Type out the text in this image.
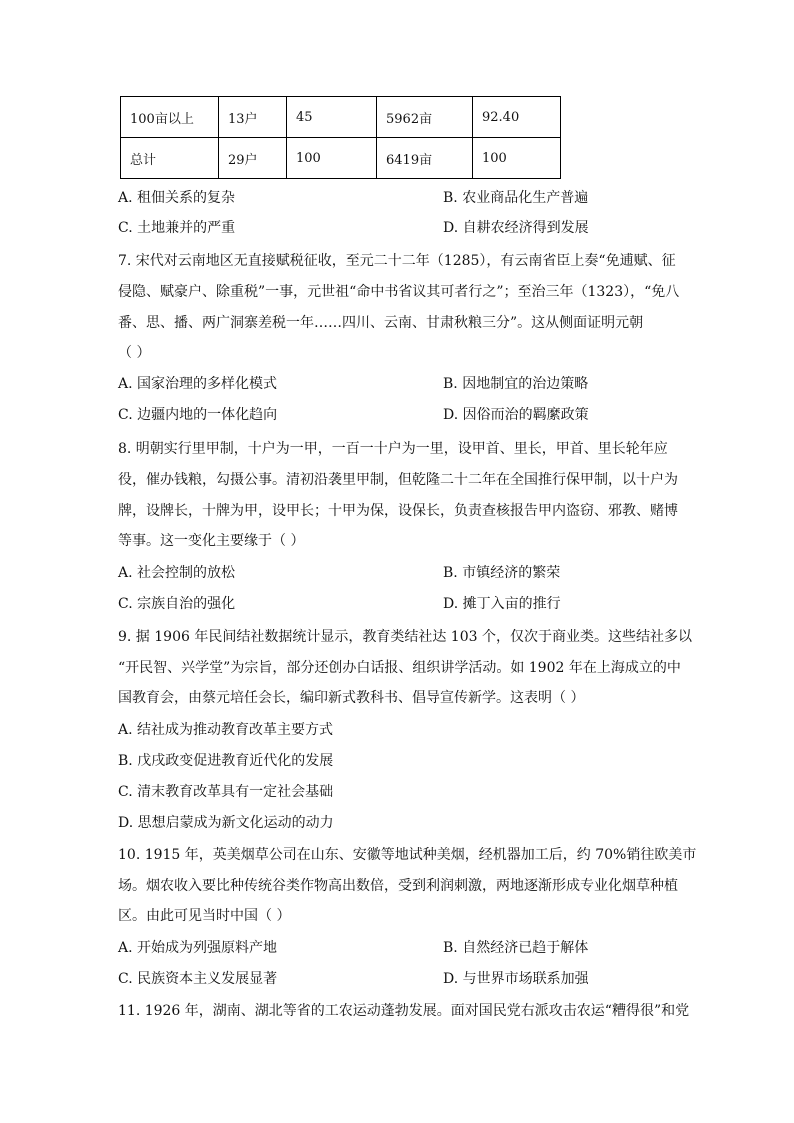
100亩以上	13户	45	5962亩	92.40
总计	29户	100	6419亩	100
A. 租佃关系的复杂	B. 农业商品化生产普遍
C. 土地兼并的严重	D. 自耕农经济得到发展
7. 宋代对云南地区无直接赋税征收，至元二十二年（1285），有云南省臣上奏“免逋赋、征
侵隐、赋豪户、除重税”一事，元世祖“命中书省议其可者行之”；至治三年（1323），“免八
番、思、播、两广洞寨差税一年……四川、云南、甘肃秋粮三分”。这从侧面证明元朝
（ ）
A. 国家治理的多样化模式	B. 因地制宜的治边策略
C. 边疆内地的一体化趋向	D. 因俗而治的羁縻政策
8. 明朝实行里甲制，十户为一甲，一百一十户为一里，设甲首、里长，甲首、里长轮年应
役，催办钱粮，勾摄公事。清初沿袭里甲制，但乾隆二十二年在全国推行保甲制，以十户为
牌，设牌长，十牌为甲，设甲长；十甲为保，设保长，负责查核报告甲内盗窃、邪教、赌博
等事。这一变化主要缘于（ ）
A. 社会控制的放松	B. 市镇经济的繁荣
C. 宗族自治的强化	D. 摊丁入亩的推行
9. 据 1906 年民间结社数据统计显示，教育类结社达 103 个，仅次于商业类。这些结社多以
“开民智、兴学堂”为宗旨，部分还创办白话报、组织讲学活动。如 1902 年在上海成立的中
国教育会，由蔡元培任会长，编印新式教科书、倡导宣传新学。这表明（ ）
A. 结社成为推动教育改革主要方式
B. 戊戌政变促进教育近代化的发展
C. 清末教育改革具有一定社会基础
D. 思想启蒙成为新文化运动的动力
10. 1915 年，英美烟草公司在山东、安徽等地试种美烟，经机器加工后，约 70%销往欧美市
场。烟农收入要比种传统谷类作物高出数倍，受到利润刺激，两地逐渐形成专业化烟草种植
区。由此可见当时中国（ ）
A. 开始成为列强原料产地	B. 自然经济已趋于解体
C. 民族资本主义发展显著	D. 与世界市场联系加强
11. 1926 年，湖南、湖北等省的工农运动蓬勃发展。面对国民党右派攻击农运“糟得很”和党
